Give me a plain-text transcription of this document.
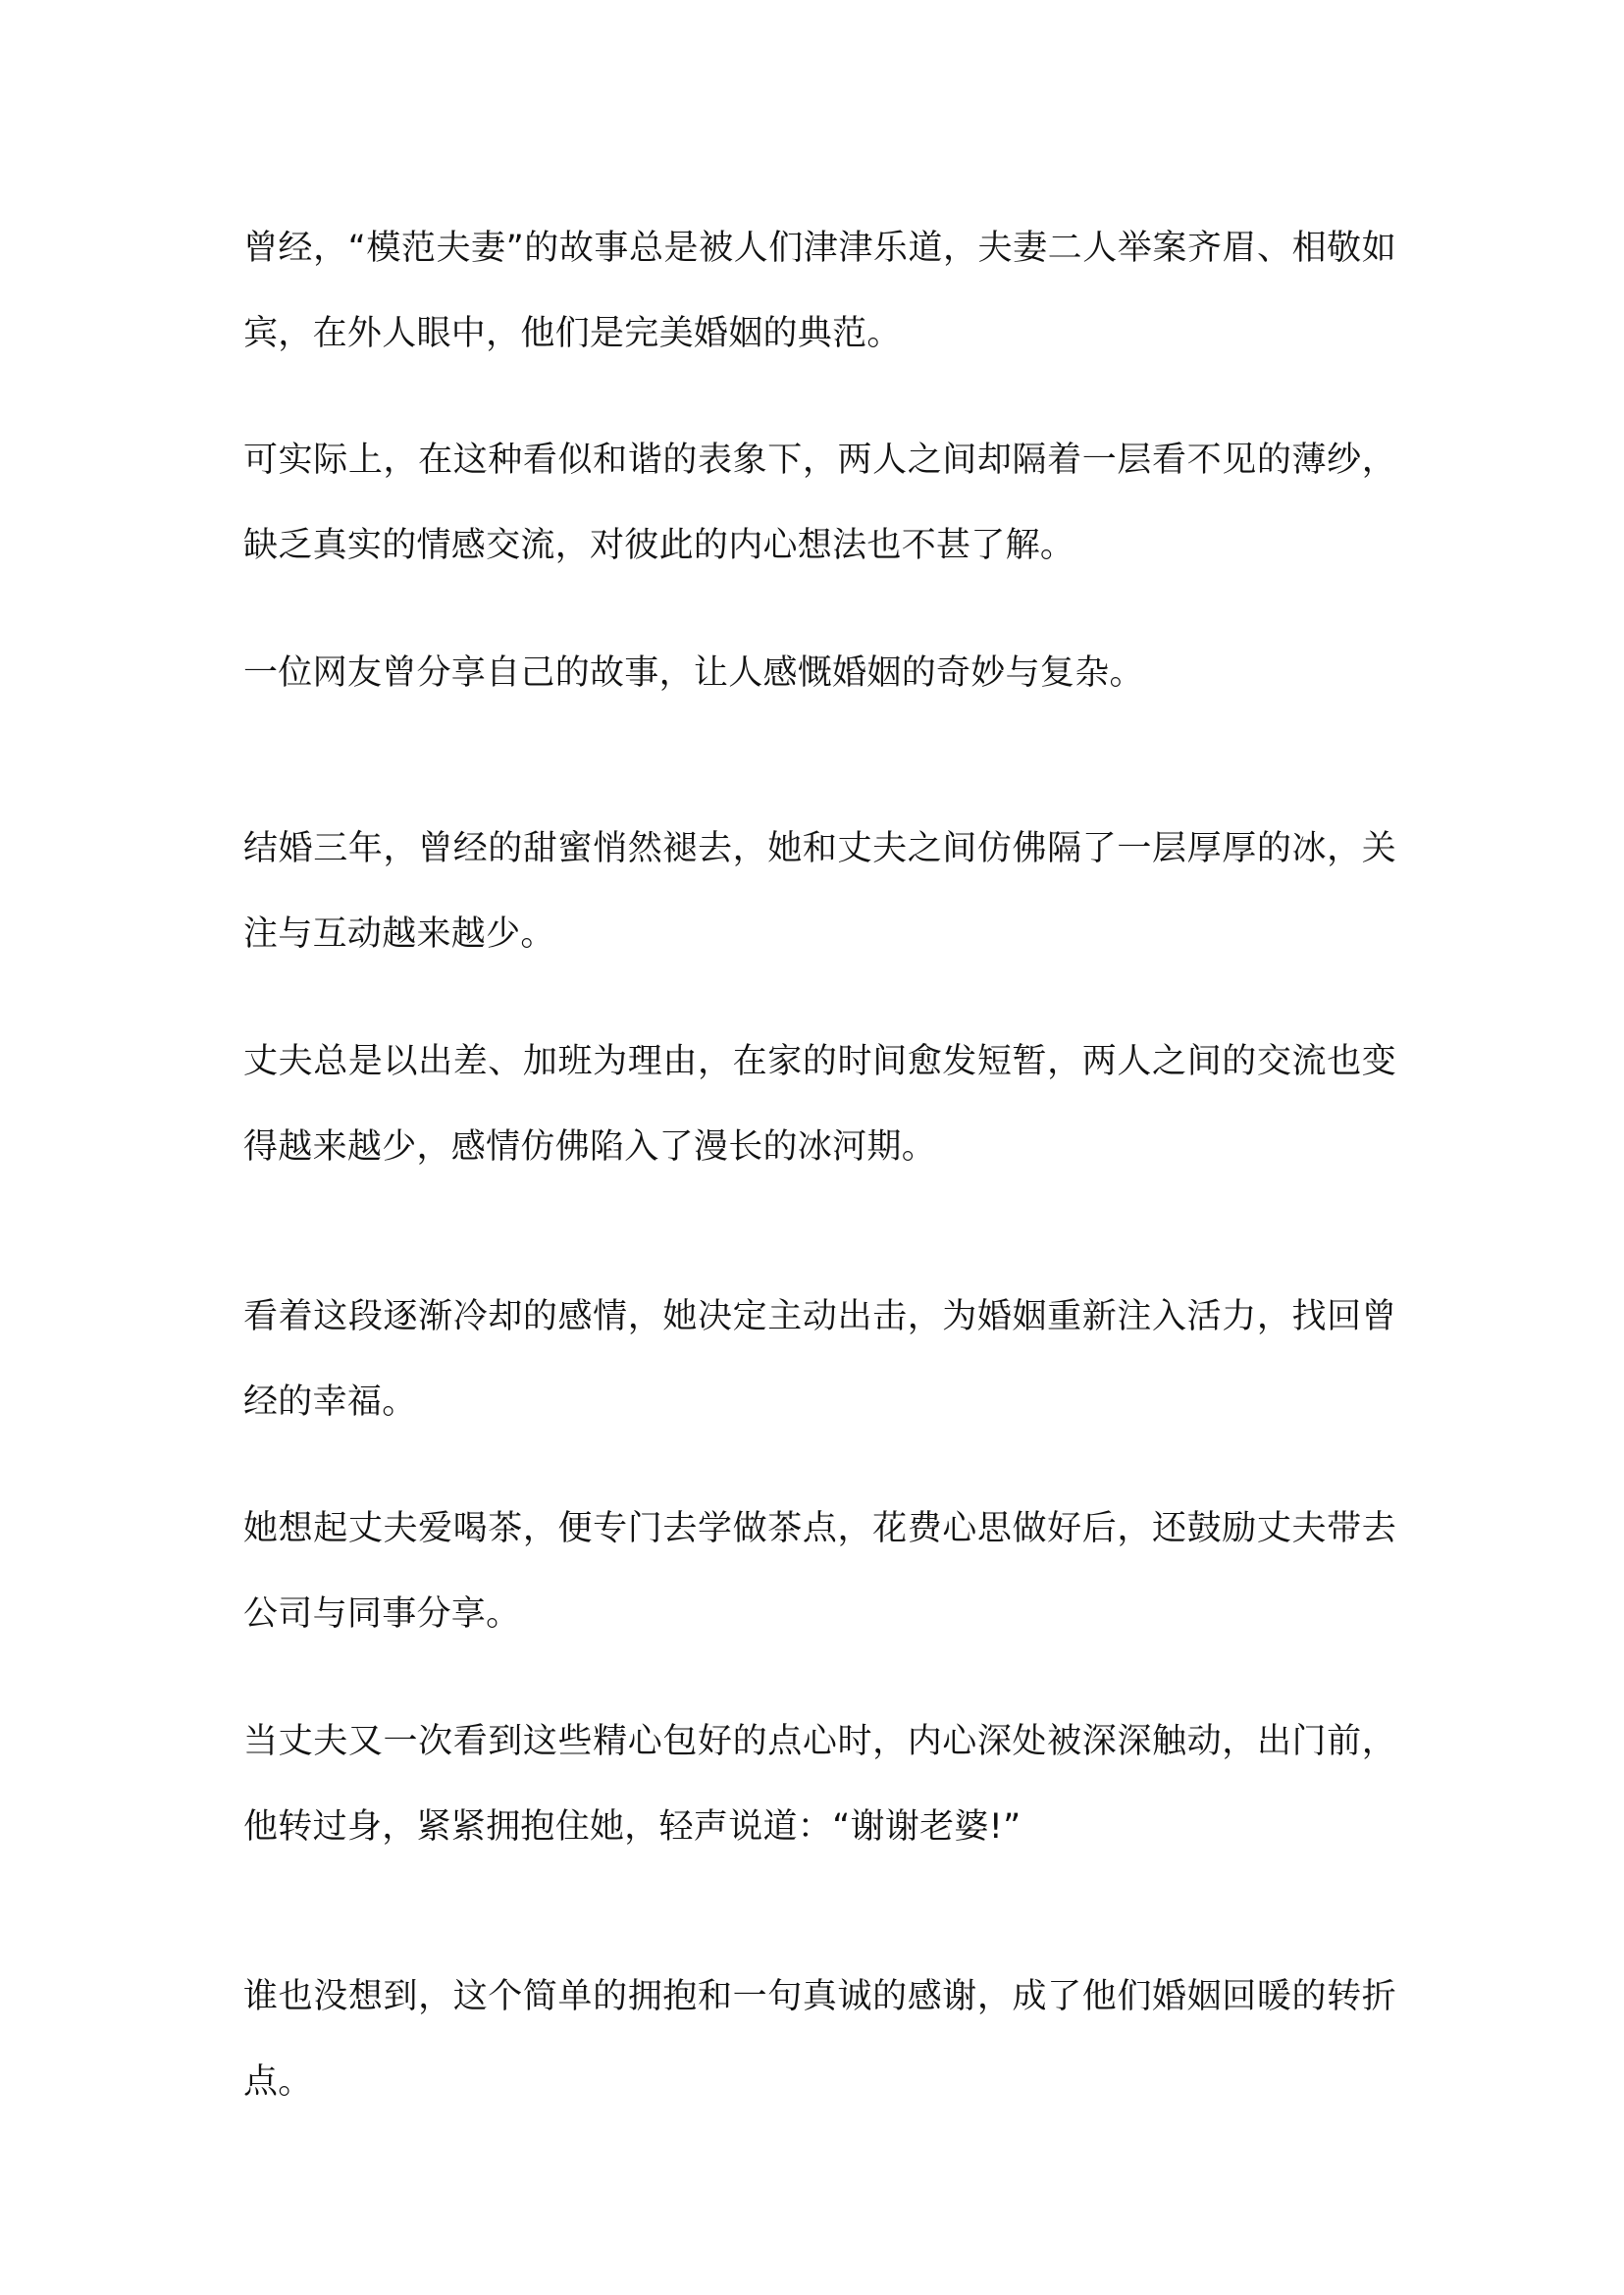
曾经，“模范夫妻”的故事总是被人们津津乐道，夫妻二人举案齐眉、相敬如宾，在外人眼中，他们是完美婚姻的典范。

可实际上，在这种看似和谐的表象下，两人之间却隔着一层看不见的薄纱，缺乏真实的情感交流，对彼此的内心想法也不甚了解。

一位网友曾分享自己的故事，让人感慨婚姻的奇妙与复杂。

结婚三年，曾经的甜蜜悄然褪去，她和丈夫之间仿佛隔了一层厚厚的冰，关注与互动越来越少。

丈夫总是以出差、加班为理由，在家的时间愈发短暂，两人之间的交流也变得越来越少，感情仿佛陷入了漫长的冰河期。

看着这段逐渐冷却的感情，她决定主动出击，为婚姻重新注入活力，找回曾经的幸福。

她想起丈夫爱喝茶，便专门去学做茶点，花费心思做好后，还鼓励丈夫带去公司与同事分享。

当丈夫又一次看到这些精心包好的点心时，内心深处被深深触动，出门前，他转过身，紧紧拥抱住她，轻声说道：“谢谢老婆!”

谁也没想到，这个简单的拥抱和一句真诚的感谢，成了他们婚姻回暖的转折点。
